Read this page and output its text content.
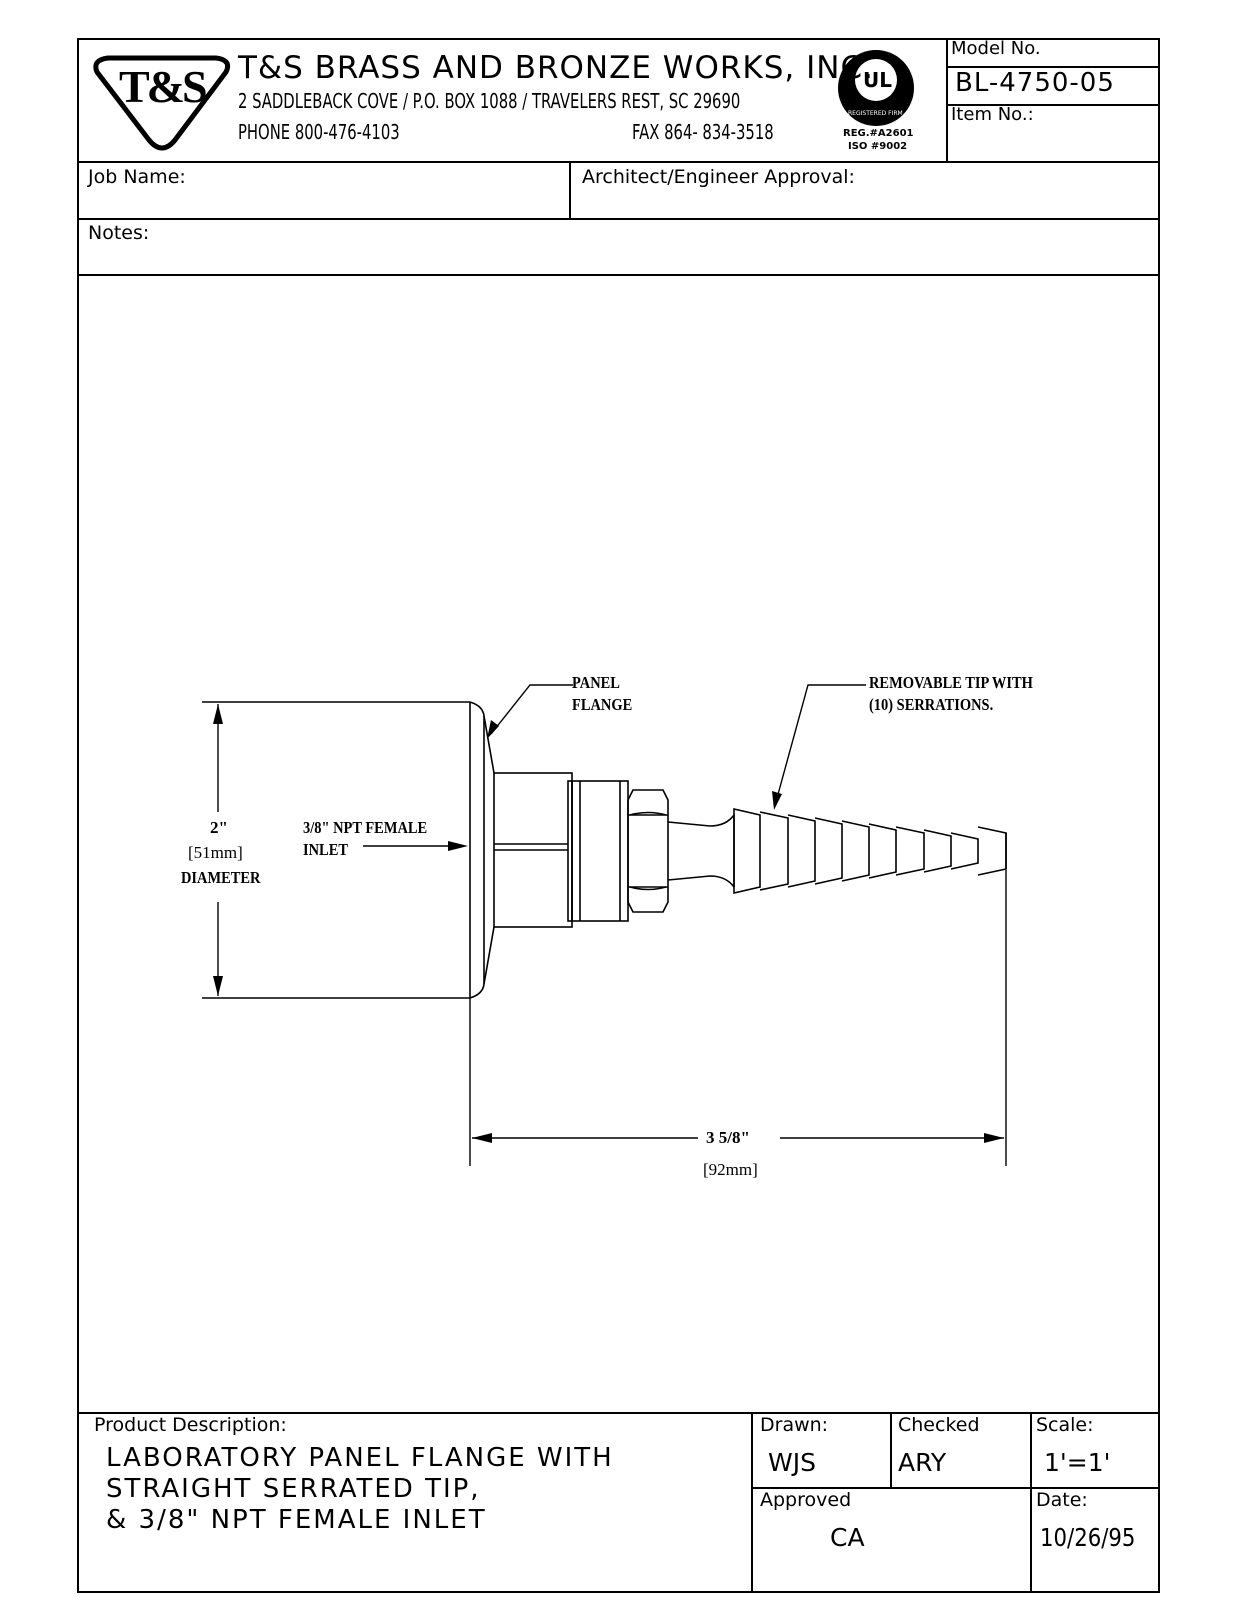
T&S T&S BRASS AND BRONZE WORKS, INC.
2 SADDLEBACK COVE / P.O. BOX 1088 / TRAVELERS REST, SC 29690
PHONE 800-476-4103	FAX 864- 834-3518
UL
REGISTERED FIRM
REG.#A2601
ISO #9002
Model No.
BL-4750-05
Item No.:
Job Name:	Architect/Engineer Approval:
Notes:
PANEL
FLANGE
REMOVABLE TIP WITH
(10) SERRATIONS.
3/8" NPT FEMALE
INLET
2"
[51mm]
DIAMETER
3 5/8"
[92mm]
Product Description:
LABORATORY PANEL FLANGE WITH
STRAIGHT SERRATED TIP,
& 3/8" NPT FEMALE INLET
Drawn:
WJS
Checked
ARY
Scale:
1'=1'
Approved
CA
Date:
10/26/95
